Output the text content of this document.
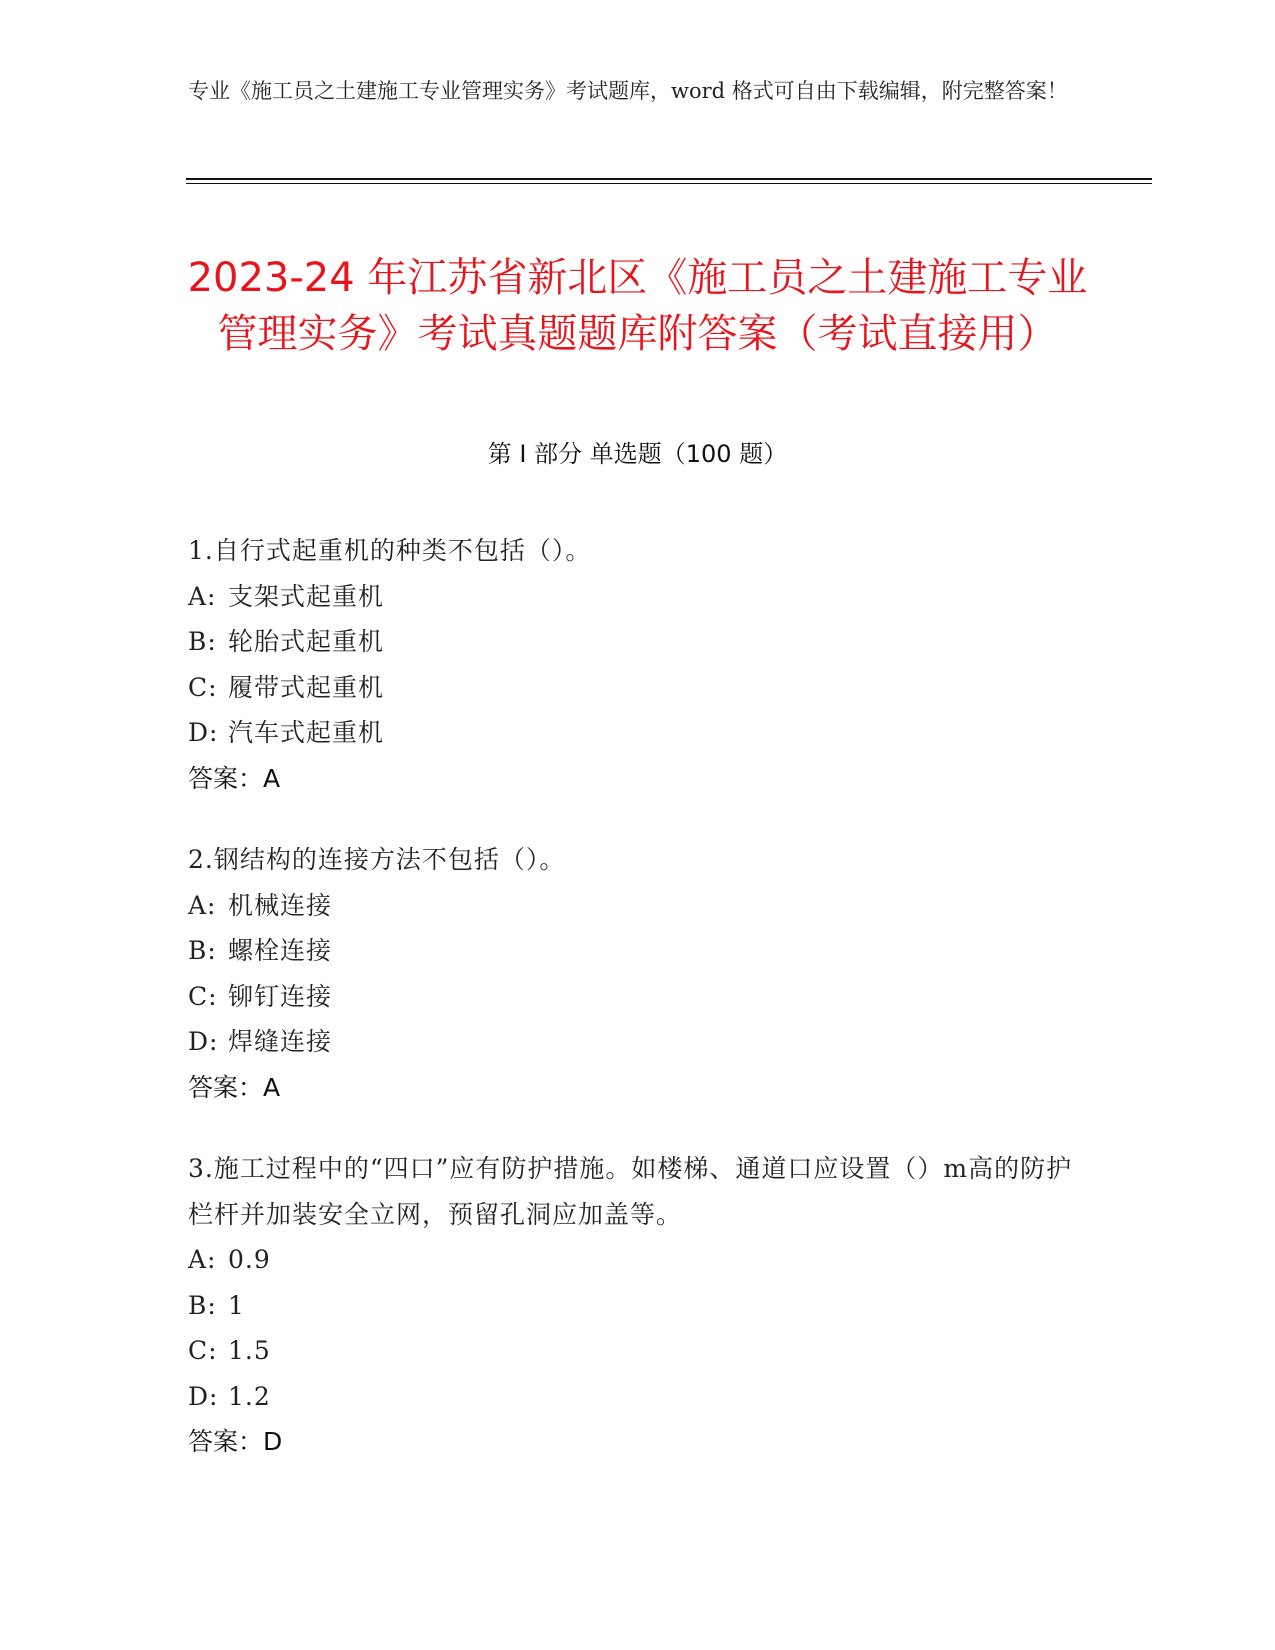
专业《施工员之土建施工专业管理实务》考试题库，word 格式可自由下载编辑，附完整答案！
2023-24 年江苏省新北区《施工员之土建施工专业管理实务》考试真题题库附答案（考试直接用）
第 I 部分 单选题（100 题）
1.自行式起重机的种类不包括（）。
A: 支架式起重机
B: 轮胎式起重机
C: 履带式起重机
D: 汽车式起重机
答案：A
2.钢结构的连接方法不包括（）。
A: 机械连接
B: 螺栓连接
C: 铆钉连接
D: 焊缝连接
答案：A
3.施工过程中的“四口”应有防护措施。如楼梯、通道口应设置（）m高的防护栏杆并加装安全立网，预留孔洞应加盖等。
A: 0.9
B: 1
C: 1.5
D: 1.2
答案：D
